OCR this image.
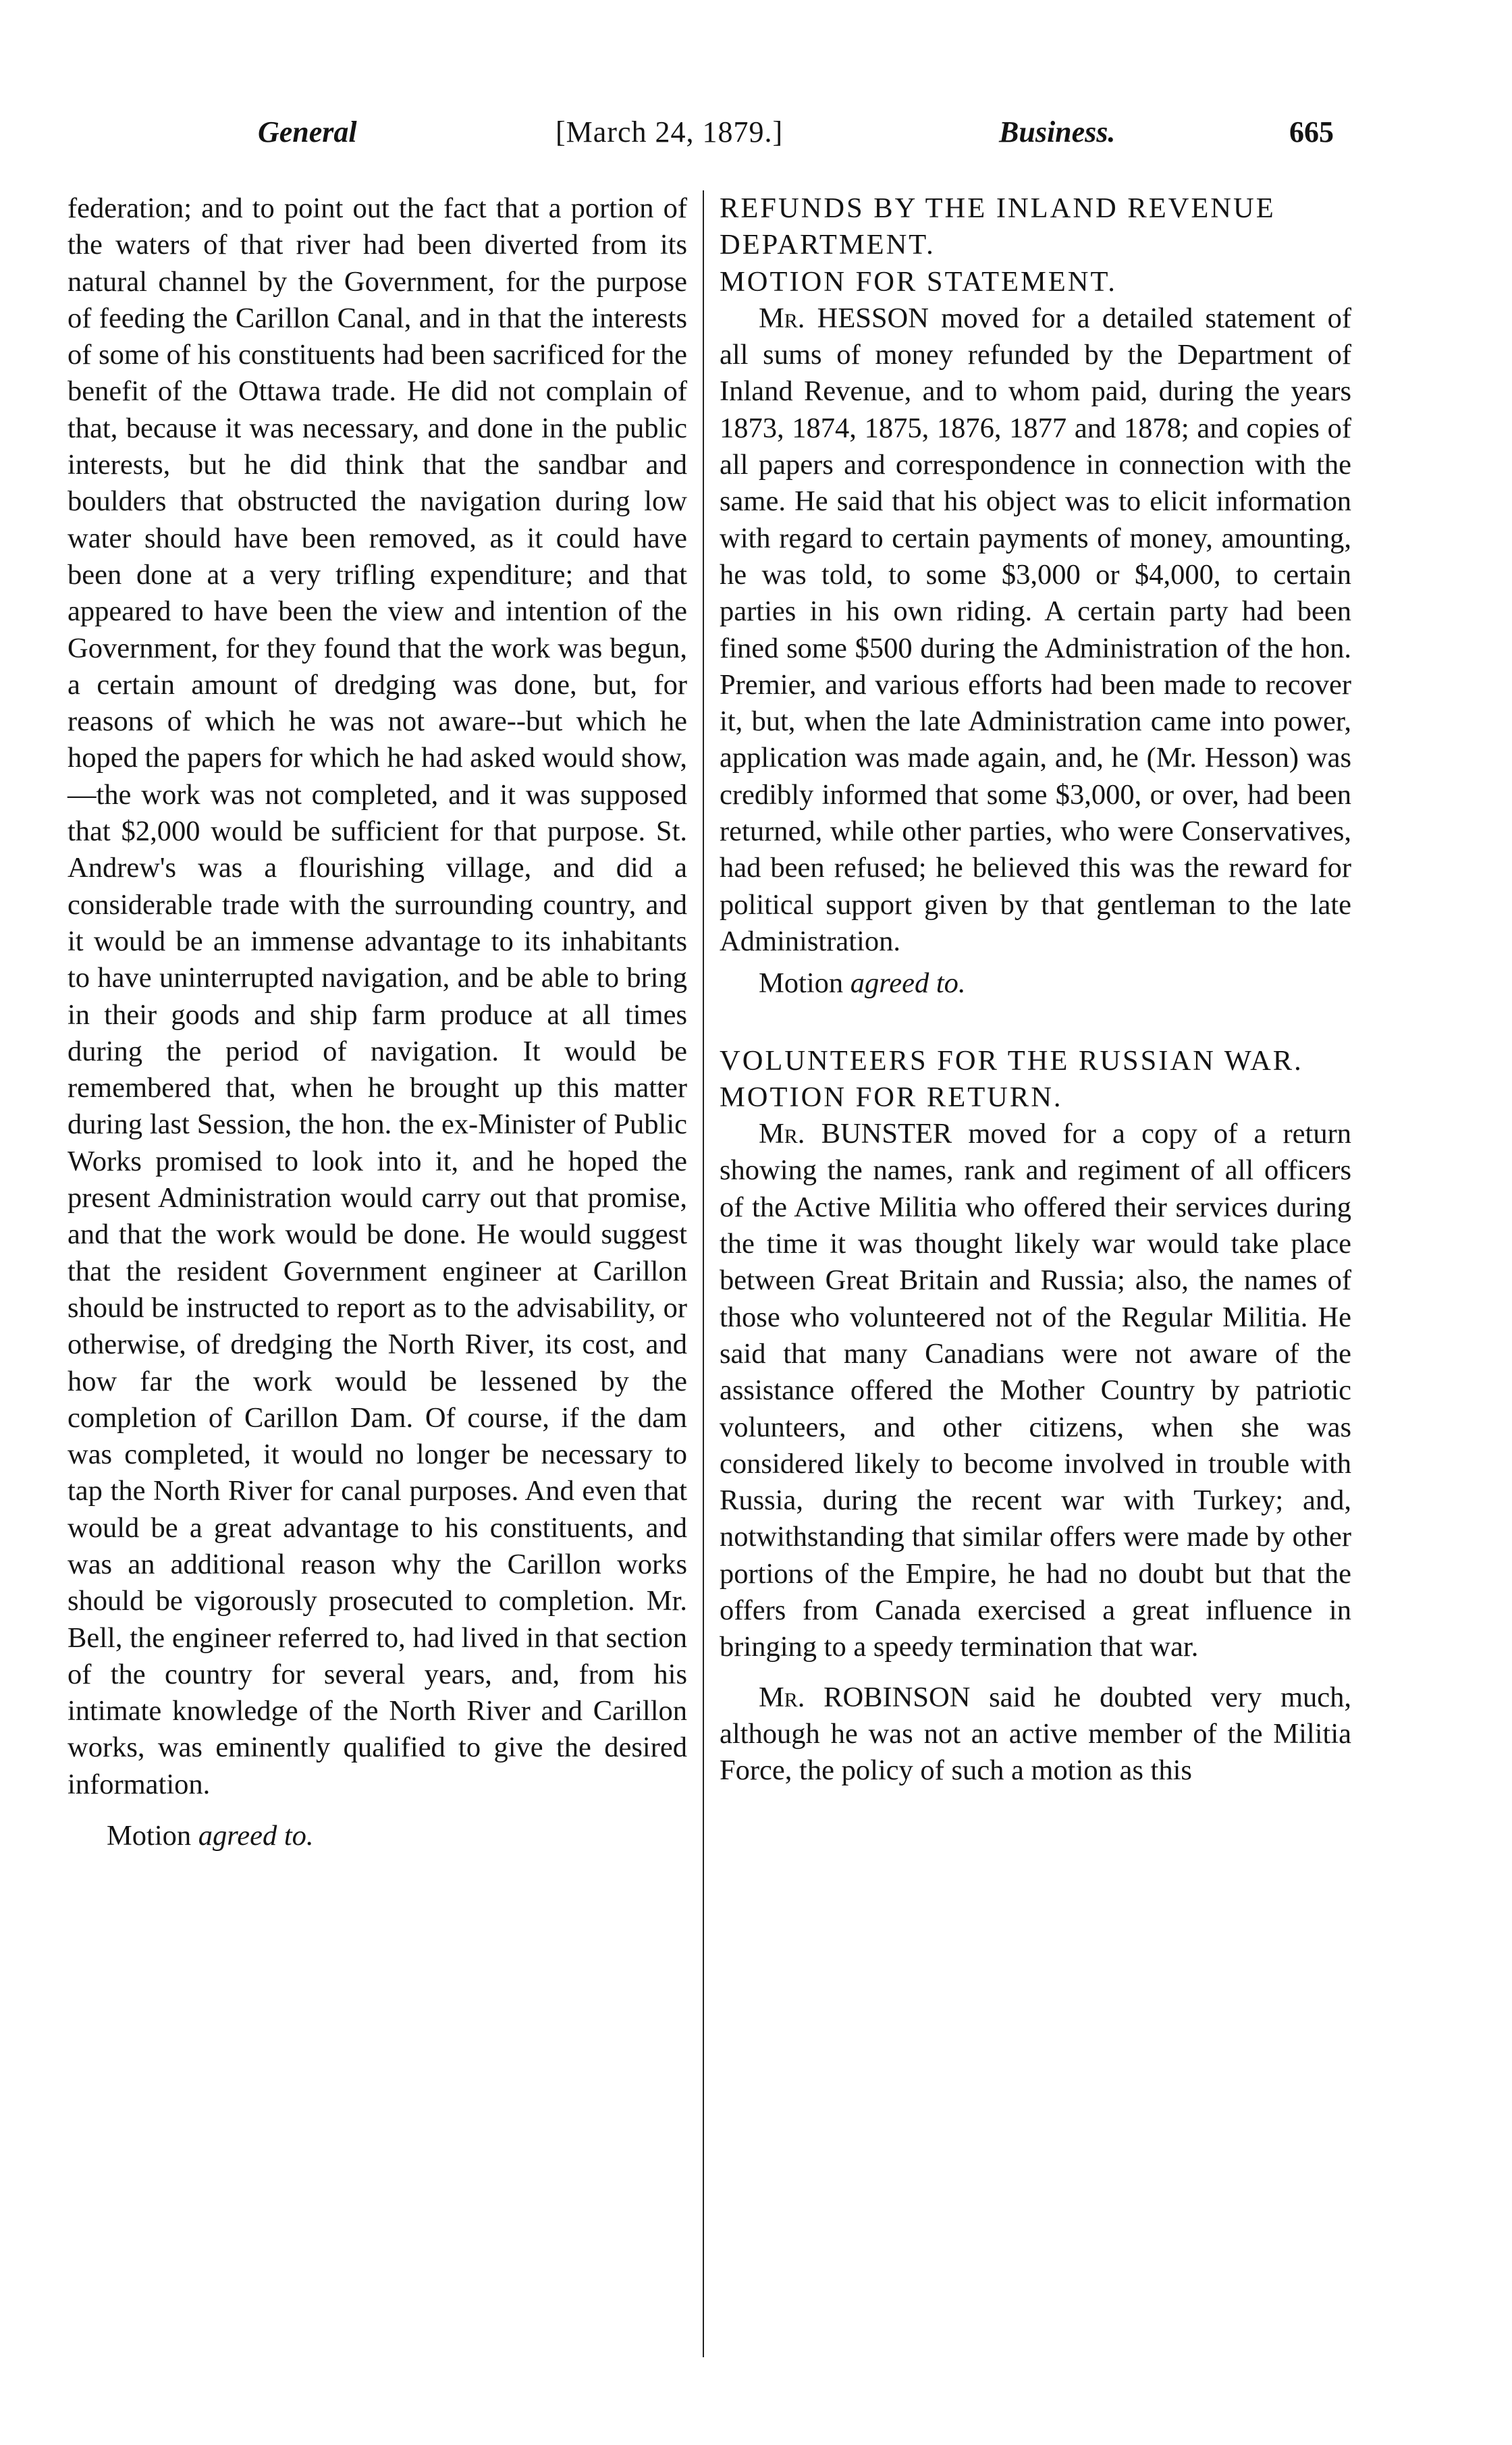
General	[March 24, 1879.]	Business.	665

federation; and to point out the fact that a portion of the waters of that river had been diverted from its natural channel by the Government, for the purpose of feeding the Carillon Canal, and in that the interests of some of his constituents had been sacrificed for the benefit of the Ottawa trade. He did not complain of that, because it was necessary, and done in the public interests, but he did think that the sandbar and boulders that obstructed the navigation during low water should have been removed, as it could have been done at a very trifling expenditure; and that appeared to have been the view and intention of the Government, for they found that the work was begun, a certain amount of dredging was done, but, for reasons of which he was not aware--but which he hoped the papers for which he had asked would show,—the work was not completed, and it was supposed that $2,000 would be sufficient for that purpose. St. Andrew's was a flourishing village, and did a considerable trade with the surrounding country, and it would be an immense advantage to its inhabitants to have uninterrupted navigation, and be able to bring in their goods and ship farm produce at all times during the period of navigation. It would be remembered that, when he brought up this matter during last Session, the hon. the ex-Minister of Public Works promised to look into it, and he hoped the present Administration would carry out that promise, and that the work would be done. He would suggest that the resident Government engineer at Carillon should be instructed to report as to the advisability, or otherwise, of dredging the North River, its cost, and how far the work would be lessened by the completion of Carillon Dam. Of course, if the dam was completed, it would no longer be necessary to tap the North River for canal purposes. And even that would be a great advantage to his constituents, and was an additional reason why the Carillon works should be vigorously prosecuted to completion. Mr. Bell, the engineer referred to, had lived in that section of the country for several years, and, from his intimate knowledge of the North River and Carillon works, was eminently qualified to give the desired information.

Motion agreed to.

REFUNDS BY THE INLAND REVENUE
DEPARTMENT.

MOTION FOR STATEMENT.

Mr. HESSON moved for a detailed statement of all sums of money refunded by the Department of Inland Revenue, and to whom paid, during the years 1873, 1874, 1875, 1876, 1877 and 1878; and copies of all papers and correspondence in connection with the same. He said that his object was to elicit information with regard to certain payments of money, amounting, he was told, to some $3,000 or $4,000, to certain parties in his own riding. A certain party had been fined some $500 during the Administration of the hon. Premier, and various efforts had been made to recover it, but, when the late Administration came into power, application was made again, and, he (Mr. Hesson) was credibly informed that some $3,000, or over, had been returned, while other parties, who were Conservatives, had been refused; he believed this was the reward for political support given by that gentleman to the late Administration.

Motion agreed to.

VOLUNTEERS FOR THE RUSSIAN WAR.

MOTION FOR RETURN.

Mr. BUNSTER moved for a copy of a return showing the names, rank and regiment of all officers of the Active Militia who offered their services during the time it was thought likely war would take place between Great Britain and Russia; also, the names of those who volunteered not of the Regular Militia. He said that many Canadians were not aware of the assistance offered the Mother Country by patriotic volunteers, and other citizens, when she was considered likely to become involved in trouble with Russia, during the recent war with Turkey; and, notwithstanding that similar offers were made by other portions of the Empire, he had no doubt but that the offers from Canada exercised a great influence in bringing to a speedy termination that war.

Mr. ROBINSON said he doubted very much, although he was not an active member of the Militia Force, the policy of such a motion as this
